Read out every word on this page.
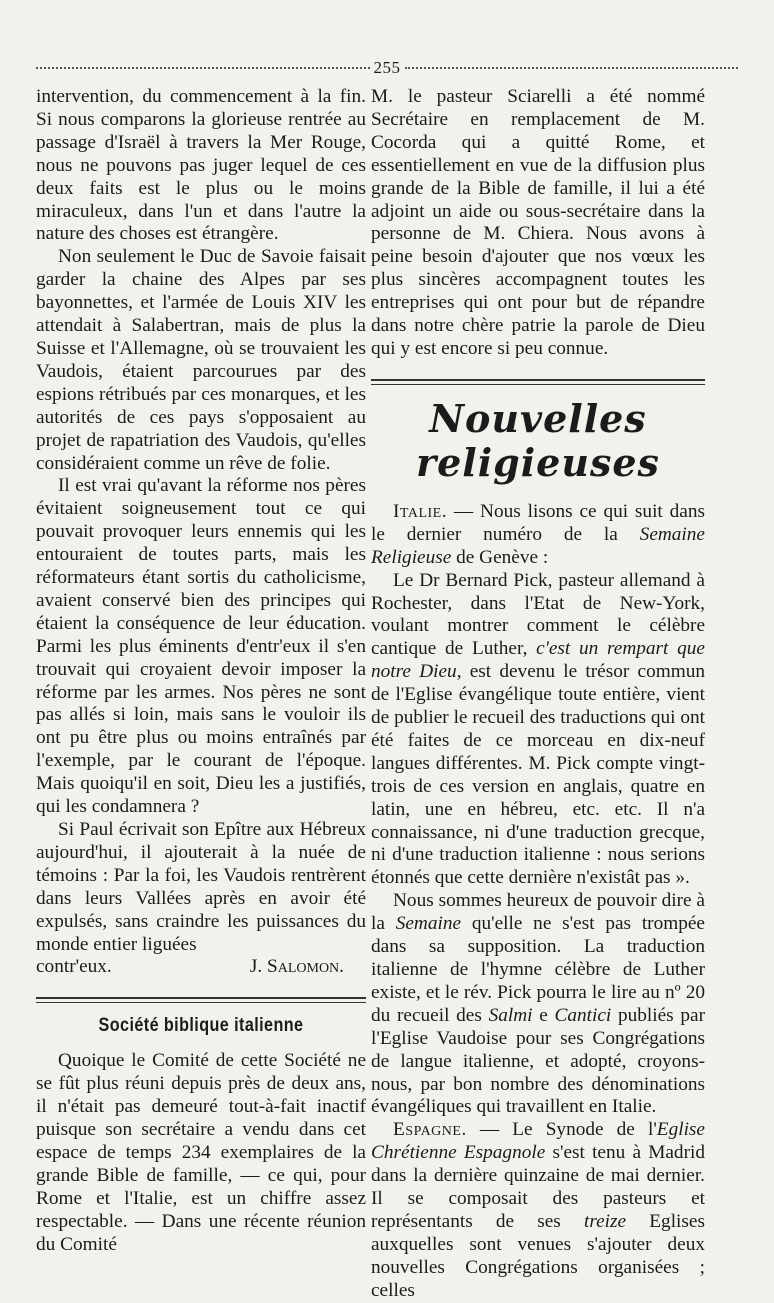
255

intervention, du commencement à la fin. Si nous comparons la glorieuse rentrée au passage d'Israël à travers la Mer Rouge, nous ne pouvons pas juger lequel de ces deux faits est le plus ou le moins miraculeux, dans l'un et dans l'autre la nature des choses est étrangère.

Non seulement le Duc de Savoie faisait garder la chaine des Alpes par ses bayonnettes, et l'armée de Louis XIV les attendait à Salabertran, mais de plus la Suisse et l'Allemagne, où se trouvaient les Vaudois, étaient parcourues par des espions rétribués par ces monarques, et les autorités de ces pays s'opposaient au projet de rapatriation des Vaudois, qu'elles considéraient comme un rêve de folie.

Il est vrai qu'avant la réforme nos pères évitaient soigneusement tout ce qui pouvait provoquer leurs ennemis qui les entouraient de toutes parts, mais les réformateurs étant sortis du catholicisme, avaient conservé bien des principes qui étaient la conséquence de leur éducation. Parmi les plus éminents d'entr'eux il s'en trouvait qui croyaient devoir imposer la réforme par les armes. Nos pères ne sont pas allés si loin, mais sans le vouloir ils ont pu être plus ou moins entraînés par l'exemple, par le courant de l'époque. Mais quoiqu'il en soit, Dieu les a justifiés, qui les condamnera ?

Si Paul écrivait son Epître aux Hébreux aujourd'hui, il ajouterait à la nuée de témoins : Par la foi, les Vaudois rentrèrent dans leurs Vallées après en avoir été expulsés, sans craindre les puissances du monde entier liguées

contr'eux.	J. Salomon.
Société biblique italienne

Quoique le Comité de cette Société ne se fût plus réuni depuis près de deux ans, il n'était pas demeuré tout-à-fait inactif puisque son secrétaire a vendu dans cet espace de temps 234 exemplaires de la grande Bible de famille, — ce qui, pour Rome et l'Italie, est un chiffre assez respectable. — Dans une récente réunion du Comité

M. le pasteur Sciarelli a été nommé Secrétaire en remplacement de M. Cocorda qui a quitté Rome, et essentiellement en vue de la diffusion plus grande de la Bible de famille, il lui a été adjoint un aide ou sous-secrétaire dans la personne de M. Chiera. Nous avons à peine besoin d'ajouter que nos vœux les plus sincères accompagnent toutes les entreprises qui ont pour but de répandre dans notre chère patrie la parole de Dieu qui y est encore si peu connue.

Nouvelles religieuses

Italie. — Nous lisons ce qui suit dans le dernier numéro de la Semaine Religieuse de Genève :

Le Dr Bernard Pick, pasteur allemand à Rochester, dans l'Etat de New-York, voulant montrer comment le célèbre cantique de Luther, c'est un rempart que notre Dieu, est devenu le trésor commun de l'Eglise évangélique toute entière, vient de publier le recueil des traductions qui ont été faites de ce morceau en dix-neuf langues différentes. M. Pick compte vingt-trois de ces version en anglais, quatre en latin, une en hébreu, etc. etc. Il n'a connaissance, ni d'une traduction grecque, ni d'une traduction italienne : nous serions étonnés que cette dernière n'existât pas ».

Nous sommes heureux de pouvoir dire à la Semaine qu'elle ne s'est pas trompée dans sa supposition. La traduction italienne de l'hymne célèbre de Luther existe, et le rév. Pick pourra le lire au nº 20 du recueil des Salmi e Cantici publiés par l'Eglise Vaudoise pour ses Congrégations de langue italienne, et adopté, croyons-nous, par bon nombre des dénominations évangéliques qui travaillent en Italie.

Espagne. — Le Synode de l'Eglise Chrétienne Espagnole s'est tenu à Madrid dans la dernière quinzaine de mai dernier. Il se composait des pasteurs et représentants de ses treize Eglises auxquelles sont venues s'ajouter deux nouvelles Congrégations organisées ; celles
